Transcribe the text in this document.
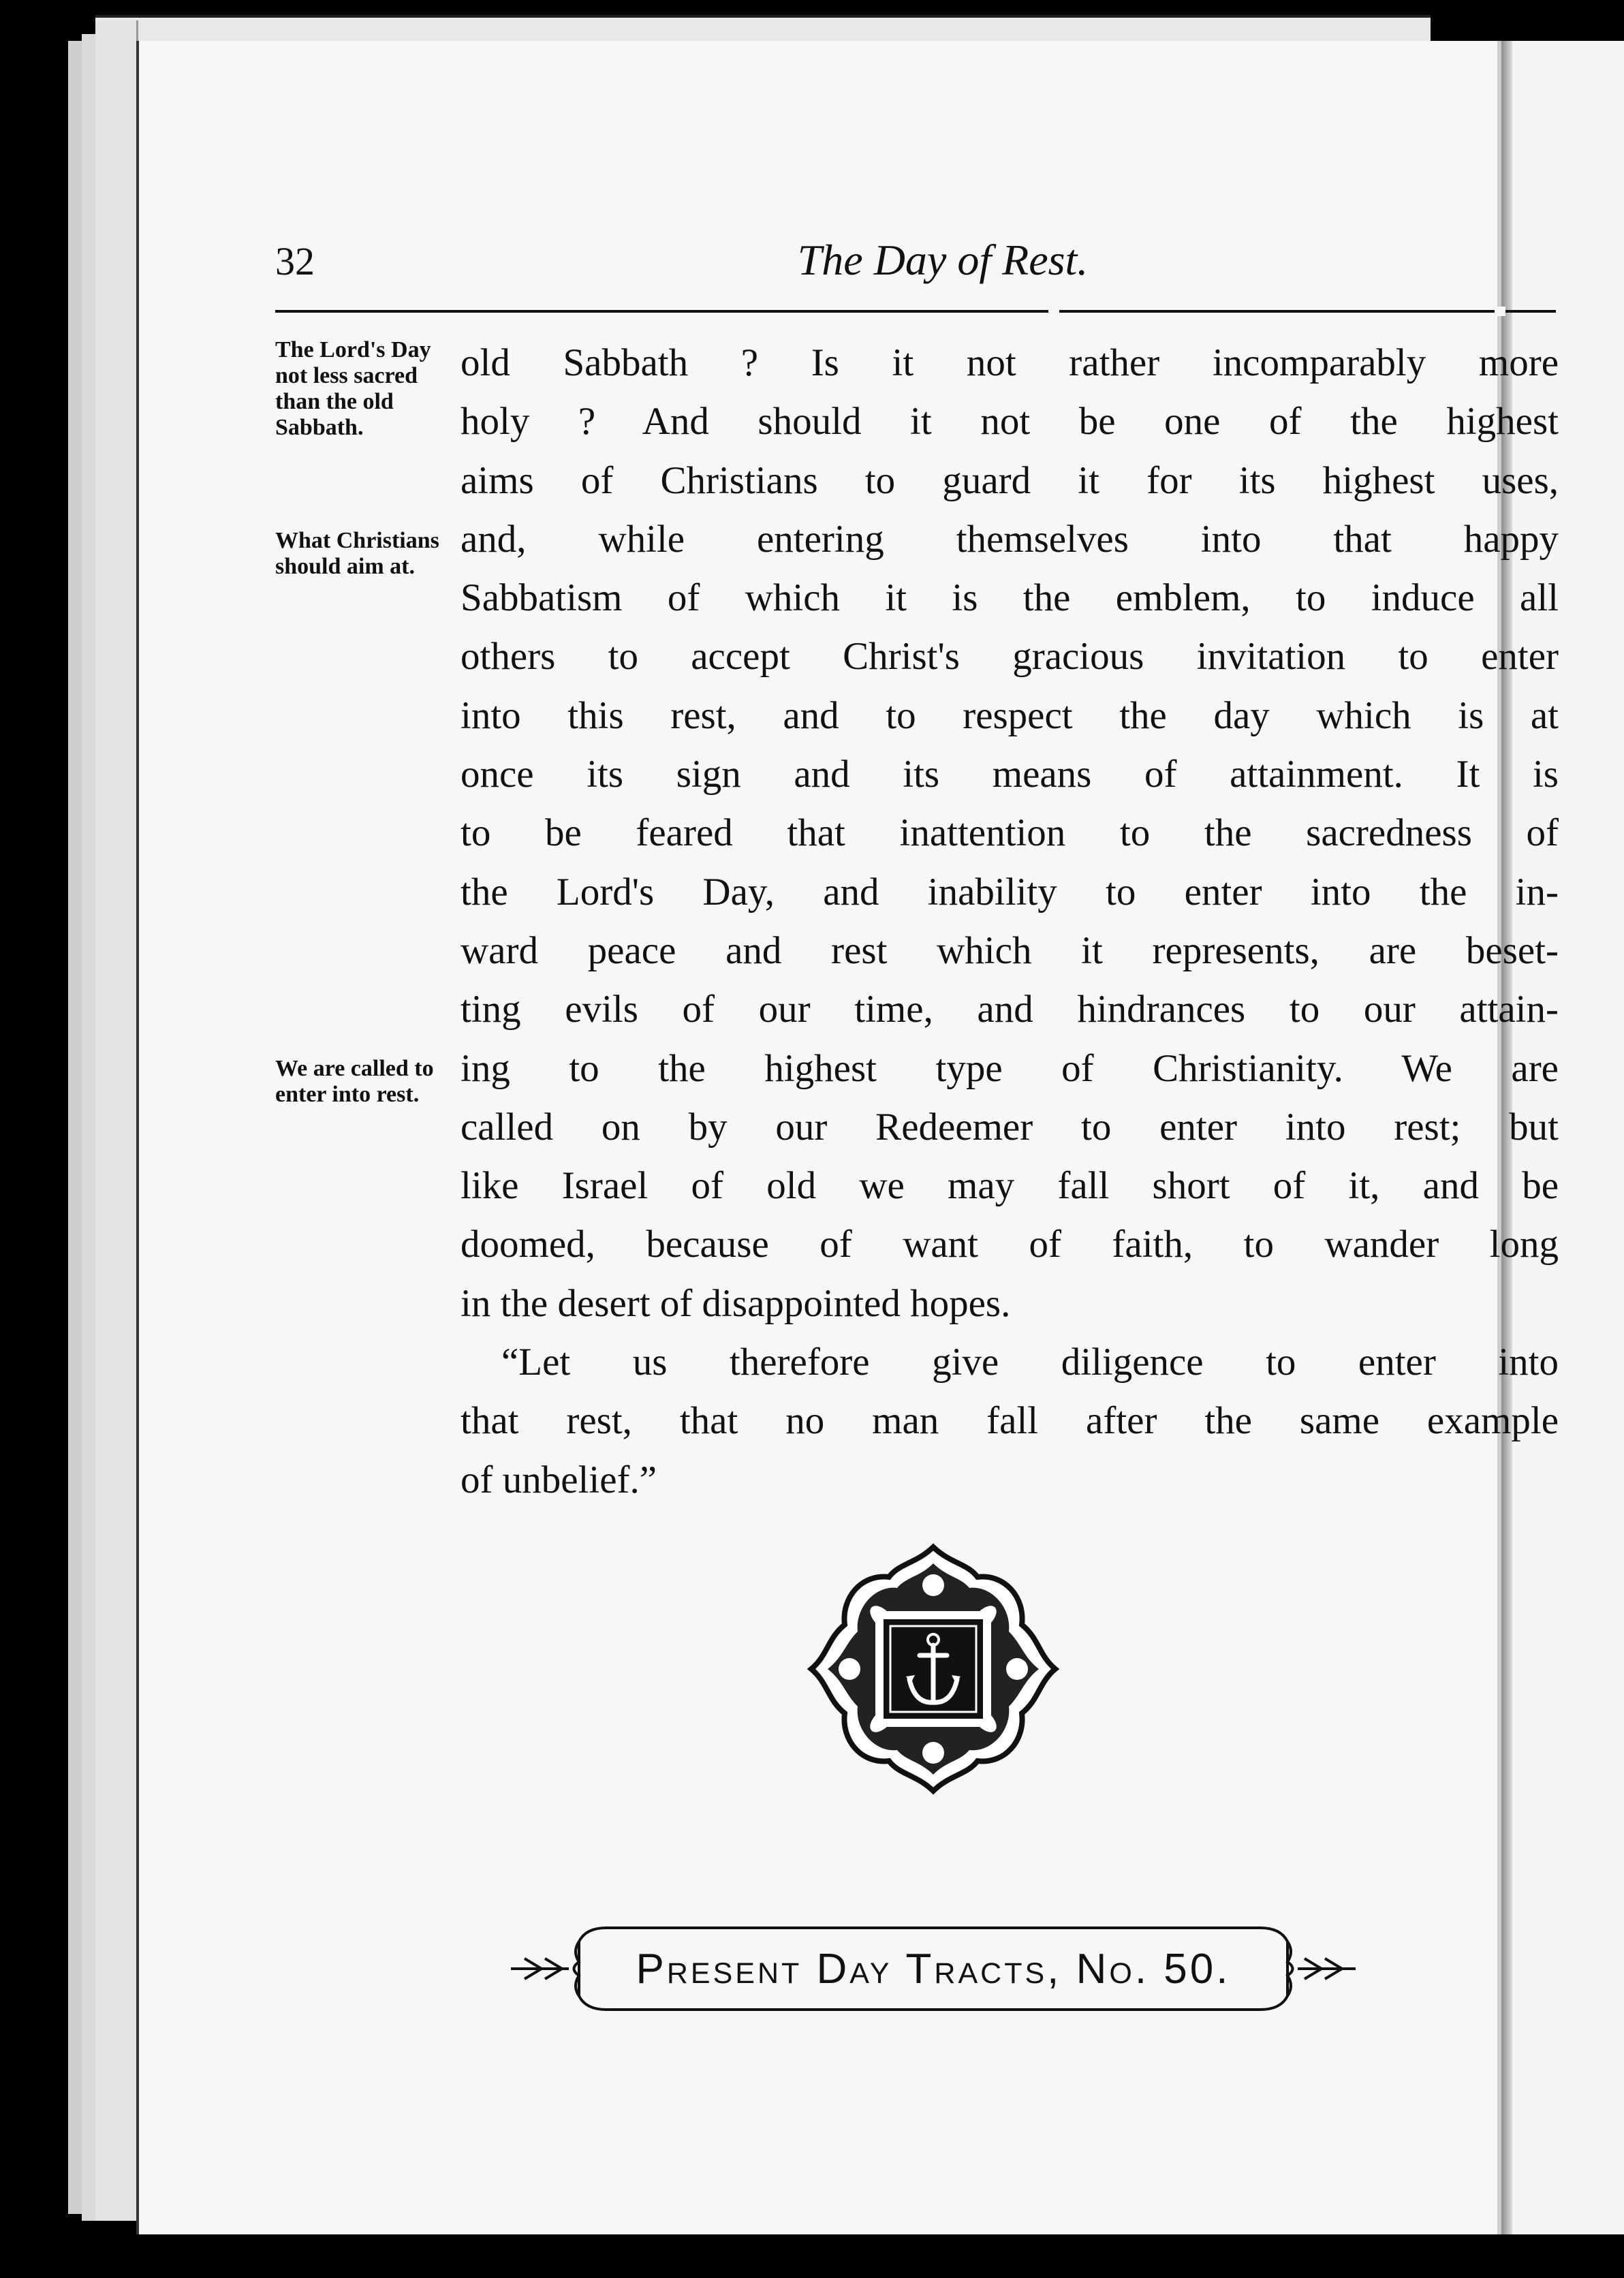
32	The Day of Rest.
The Lord's Day not less sacred than the old Sabbath.
What Christians should aim at.
We are called to enter into rest.
old Sabbath ? Is it not rather incomparably more
holy ? And should it not be one of the highest
aims of Christians to guard it for its highest uses,
and, while entering themselves into that happy
Sabbatism of which it is the emblem, to induce all
others to accept Christ's gracious invitation to enter
into this rest, and to respect the day which is at
once its sign and its means of attainment. It is
to be feared that inattention to the sacredness of
the Lord's Day, and inability to enter into the in-
ward peace and rest which it represents, are beset-
ting evils of our time, and hindrances to our attain-
ing to the highest type of Christianity. We are
called on by our Redeemer to enter into rest; but
like Israel of old we may fall short of it, and be
doomed, because of want of faith, to wander long
in the desert of disappointed hopes.
“Let us therefore give diligence to enter into
that rest, that no man fall after the same example
of unbelief.”
Present Day Tracts, No. 50.
